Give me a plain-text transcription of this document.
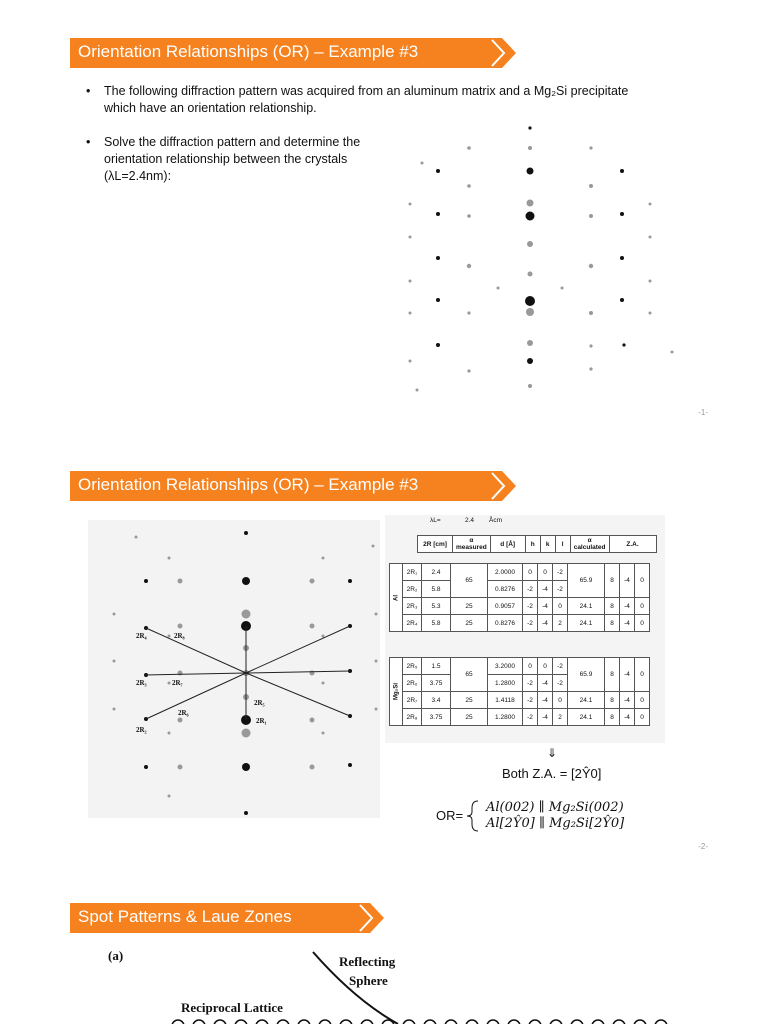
Orientation Relationships (OR) – Example #3
• The following diffraction pattern was acquired from an aluminum matrix and a Mg₂Si precipitate which have an orientation relationship.
• Solve the diffraction pattern and determine the orientation relationship between the crystals (λL=2.4nm):
-1-
Orientation Relationships (OR) – Example #3
2R₄	2R₈
2R₃	2R₇
2R₆
2R₅
2R₂
2R₁
λL=	2.4 Åcm
2R [cm]	α measured	d [Å]	h	k	l	α calculated	Z.A.
Al	2R₁	2.4	65	2.0000	0	0	-2	65.9	8	-4	0
	2R₂	5.8		0.8276	-2	-4	-2				
	2R₃	5.3	25	0.9057	-2	-4	0	24.1	8	-4	0
	2R₄	5.8	25	0.8276	-2	-4	2	24.1	8	-4	0
Mg₂Si	2R₅	1.5	65	3.2000	0	0	-2	65.9	8	-4	0
	2R₆	3.75		1.2800	-2	-4	-2				
	2R₇	3.4	25	1.4118	-2	-4	0	24.1	8	-4	0
	2R₈	3.75	25	1.2800	-2	-4	2	24.1	8	-4	0
⇓
Both Z.A. = [2Ŷ0]
OR=
Al(002) ∥ Mg₂Si(002)
Al[2Ŷ0] ∥ Mg₂Si[2Ŷ0]
-2-
Spot Patterns & Laue Zones
(a)	Reflecting
Sphere
Reciprocal Lattice
